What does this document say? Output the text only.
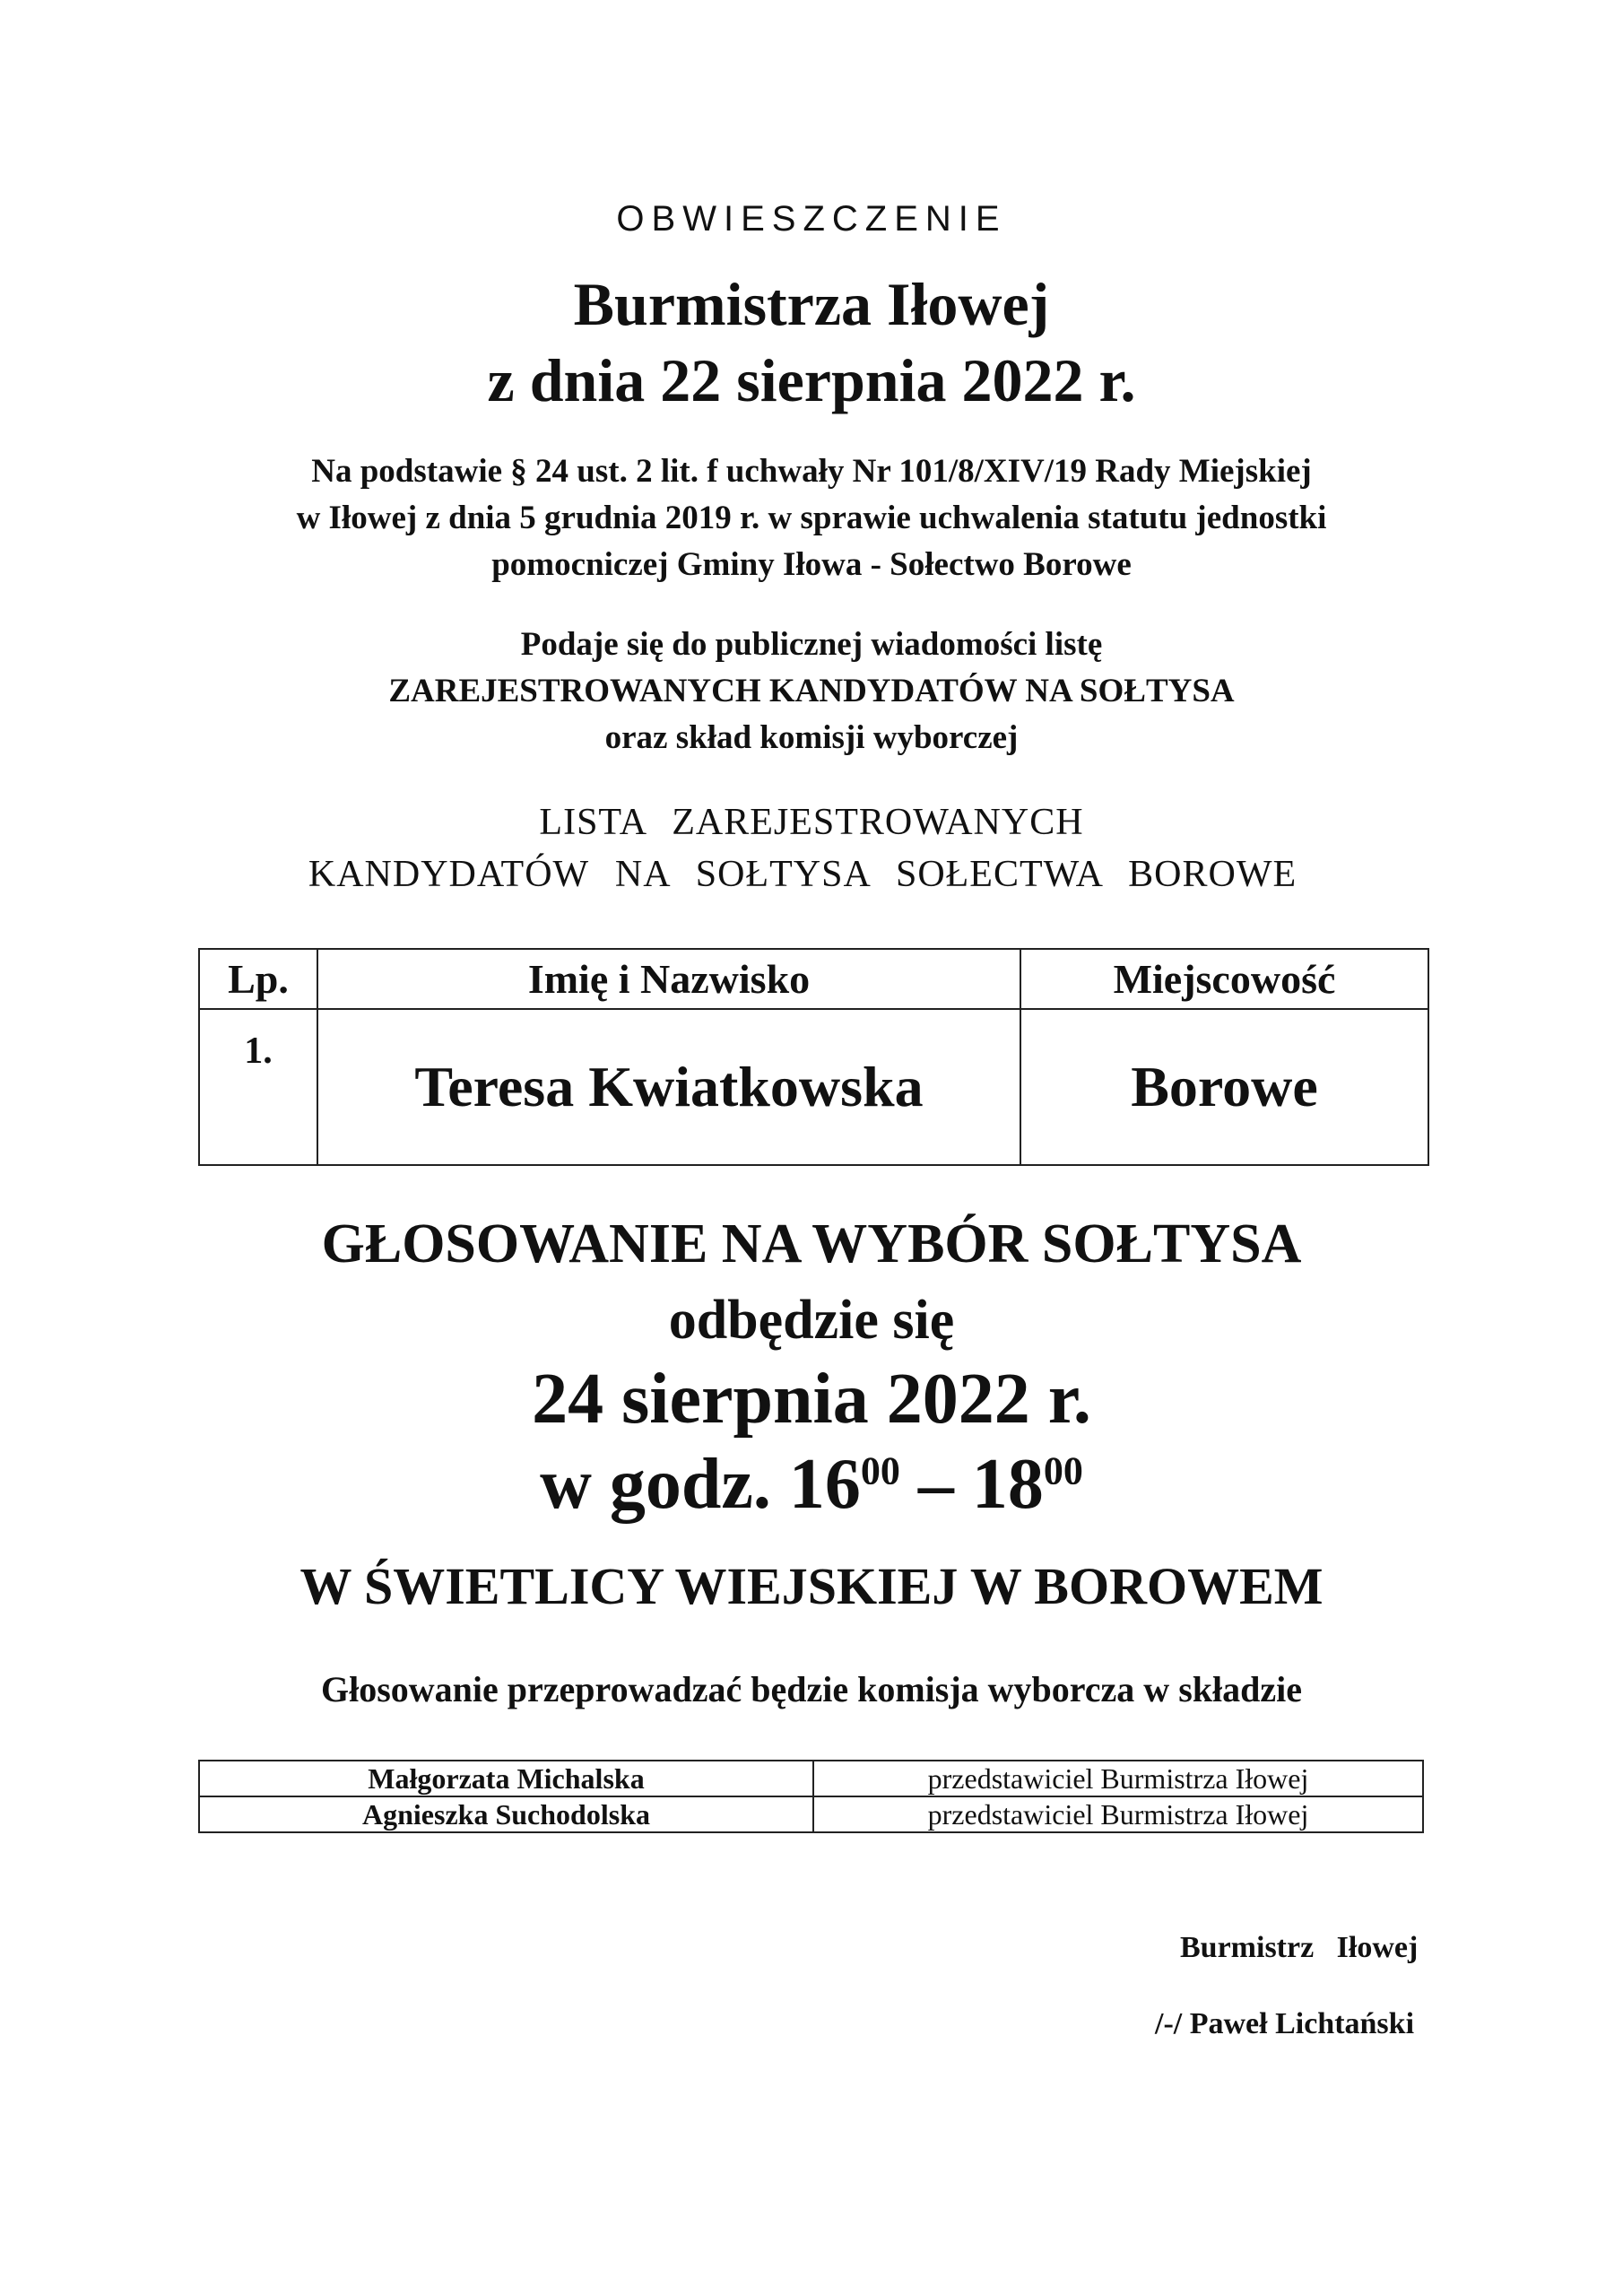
OBWIESZCZENIE
Burmistrza Iłowej
z dnia 22 sierpnia 2022 r.
Na podstawie § 24 ust. 2 lit. f uchwały Nr 101/8/XIV/19 Rady Miejskiej
w Iłowej z dnia 5 grudnia 2019 r. w sprawie uchwalenia statutu jednostki
pomocniczej Gminy Iłowa - Sołectwo Borowe
Podaje się do publicznej wiadomości listę
ZAREJESTROWANYCH KANDYDATÓW NA SOŁTYSA
oraz skład komisji wyborczej
LISTA ZAREJESTROWANYCH
KANDYDATÓW NA SOŁTYSA SOŁECTWA BOROWE
Lp.	Imię i Nazwisko	Miejscowość
1.	Teresa Kwiatkowska	Borowe
GŁOSOWANIE NA WYBÓR SOŁTYSA
odbędzie się
24 sierpnia 2022 r.
w godz. $16^{00} - 18^{00}$
W ŚWIETLICY WIEJSKIEJ W BOROWEM
Głosowanie przeprowadzać będzie komisja wyborcza w składzie
Małgorzata Michalska	przedstawiciel Burmistrza Iłowej
Agnieszka Suchodolska	przedstawiciel Burmistrza Iłowej
Burmistrz   Iłowej
/-/ Paweł Lichtański
